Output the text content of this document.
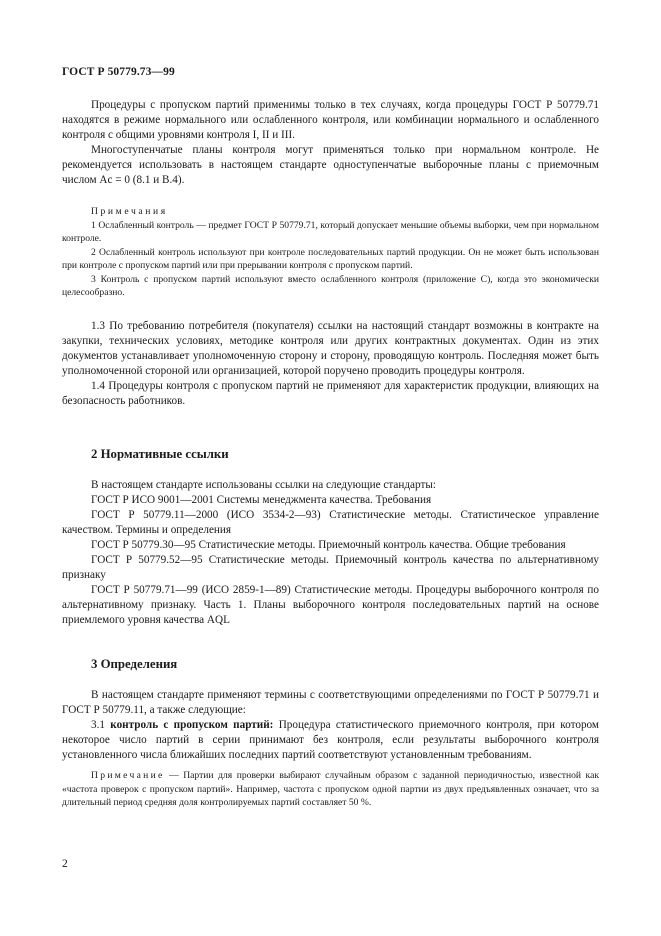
ГОСТ Р 50779.73—99

Процедуры с пропуском партий применимы только в тех случаях, когда процедуры ГОСТ Р 50779.71 находятся в режиме нормального или ослабленного контроля, или комбинации нормального и ослабленного контроля с общими уровнями контроля I, II и III.

Многоступенчатые планы контроля могут применяться только при нормальном контроле. Не рекомендуется использовать в настоящем стандарте одноступенчатые выборочные планы с приемочным числом Ac = 0 (8.1 и B.4).

Примечания

1 Ослабленный контроль — предмет ГОСТ Р 50779.71, который допускает меньшие объемы выборки, чем при нормальном контроле.

2 Ослабленный контроль используют при контроле последовательных партий продукции. Он не может быть использован при контроле с пропуском партий или при прерывании контроля с пропуском партий.

3 Контроль с пропуском партий используют вместо ослабленного контроля (приложение С), когда это экономически целесообразно.

1.3 По требованию потребителя (покупателя) ссылки на настоящий стандарт возможны в контракте на закупки, технических условиях, методике контроля или других контрактных документах. Один из этих документов устанавливает уполномоченную сторону и сторону, проводящую контроль. Последняя может быть уполномоченной стороной или организацией, которой поручено проводить процедуры контроля.

1.4 Процедуры контроля с пропуском партий не применяют для характеристик продукции, влияющих на безопасность работников.

2 Нормативные ссылки

В настоящем стандарте использованы ссылки на следующие стандарты:

ГОСТ Р ИСО 9001—2001 Системы менеджмента качества. Требования

ГОСТ Р 50779.11—2000 (ИСО 3534-2—93) Статистические методы. Статистическое управление качеством. Термины и определения

ГОСТ Р 50779.30—95 Статистические методы. Приемочный контроль качества. Общие требования

ГОСТ Р 50779.52—95 Статистические методы. Приемочный контроль качества по альтернативному признаку

ГОСТ Р 50779.71—99 (ИСО 2859-1—89) Статистические методы. Процедуры выборочного контроля по альтернативному признаку. Часть 1. Планы выборочного контроля последовательных партий на основе приемлемого уровня качества AQL

3 Определения

В настоящем стандарте применяют термины с соответствующими определениями по ГОСТ Р 50779.71 и ГОСТ Р 50779.11, а также следующие:

3.1 контроль с пропуском партий: Процедура статистического приемочного контроля, при котором некоторое число партий в серии принимают без контроля, если результаты выборочного контроля установленного числа ближайших последних партий соответствуют установленным требованиям.

Примечание — Партии для проверки выбирают случайным образом с заданной периодичностью, известной как «частота проверок с пропуском партий». Например, частота с пропуском одной партии из двух предъявленных означает, что за длительный период средняя доля контролируемых партий составляет 50 %.

2
